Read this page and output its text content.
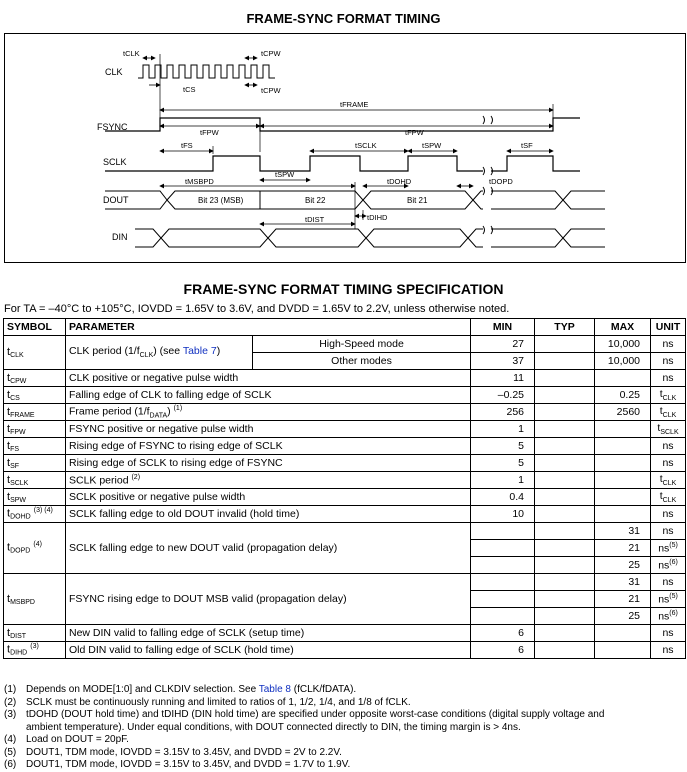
FRAME-SYNC FORMAT TIMING
CLK
FSYNC
SCLK
DOUT
DIN
Bit 23 (MSB)	Bit 22	Bit 21
tCLK	tCPW
tCPW
tCS
tFRAME
tFPW	tFPW
tFS	tSCLK	tSPW	tSF
tSPW
tMSBPD	tDOHD	tDOPD
tDIST	tDIHD
FRAME-SYNC FORMAT TIMING SPECIFICATION
For TA = –40°C to +105°C, IOVDD = 1.65V to 3.6V, and DVDD = 1.65V to 2.2V, unless otherwise noted.
SYMBOL	PARAMETER		MIN	TYP	MAX	UNIT
$t_{CLK}$	CLK period $(1/f_{CLK})$ (see Table 7)	High-Speed mode	27		10,000	ns
		Other modes	37		10,000	ns
$t_{CPW}$	CLK positive or negative pulse width		11			ns
$t_{CS}$	Falling edge of CLK to falling edge of SCLK		–0.25		0.25	$t_{CLK}$
$t_{FRAME}$	Frame period $(1/f_{DATA})$ $^{(1)}$		256		2560	$t_{CLK}$
$t_{FPW}$	FSYNC positive or negative pulse width		1			$t_{SCLK}$
$t_{FS}$	Rising edge of FSYNC to rising edge of SCLK		5			ns
$t_{SF}$	Rising edge of SCLK to rising edge of FSYNC		5			ns
$t_{SCLK}$	SCLK period $^{(2)}$		1			$t_{CLK}$
$t_{SPW}$	SCLK positive or negative pulse width		0.4			$t_{CLK}$
$t_{DOHD}$ $^{(3) (4)}$	SCLK falling edge to old DOUT invalid (hold time)		10			ns
$t_{DOPD}$ $^{(4)}$	SCLK falling edge to new DOUT valid (propagation delay)				31	ns
					21	$ns^{(5)}$
					25	$ns^{(6)}$
$t_{MSBPD}$	FSYNC rising edge to DOUT MSB valid (propagation delay)				31	ns
					21	$ns^{(5)}$
					25	$ns^{(6)}$
$t_{DIST}$	New DIN valid to falling edge of SCLK (setup time)		6			ns
$t_{DIHD}$ $^{(3)}$	Old DIN valid to falling edge of SCLK (hold time)		6			ns
(1) Depends on MODE[1:0] and CLKDIV selection. See Table 8 (fCLK/fDATA).
(2) SCLK must be continuously running and limited to ratios of 1, 1/2, 1/4, and 1/8 of fCLK.
(3) tDOHD (DOUT hold time) and tDIHD (DIN hold time) are specified under opposite worst-case conditions (digital supply voltage and
ambient temperature). Under equal conditions, with DOUT connected directly to DIN, the timing margin is > 4ns.
(4) Load on DOUT = 20pF.
(5) DOUT1, TDM mode, IOVDD = 3.15V to 3.45V, and DVDD = 2V to 2.2V.
(6) DOUT1, TDM mode, IOVDD = 3.15V to 3.45V, and DVDD = 1.7V to 1.9V.
